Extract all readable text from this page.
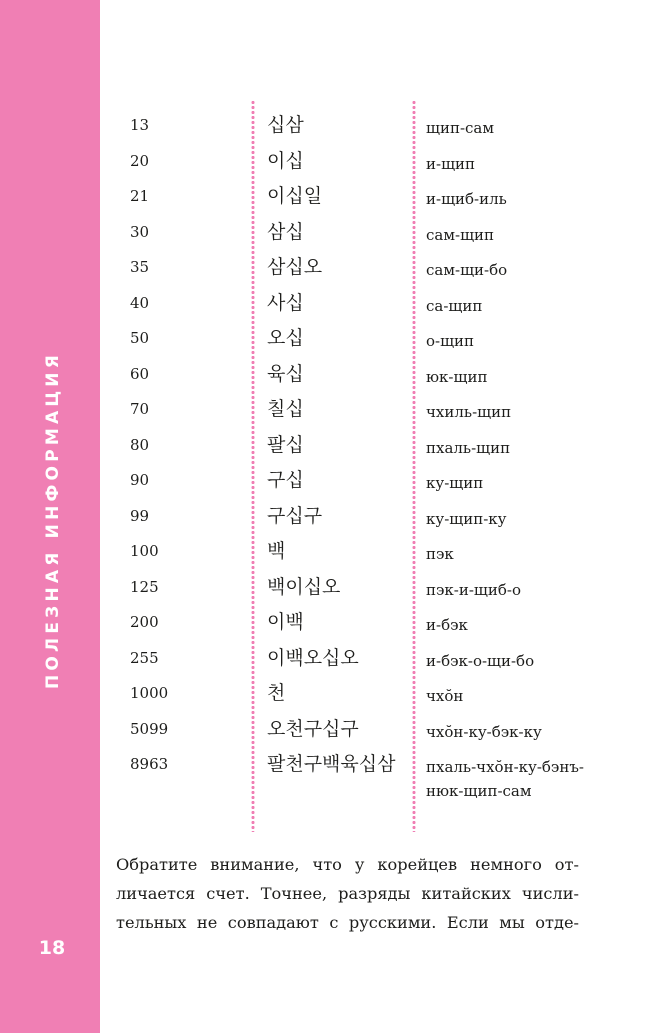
ПОЛЕЗНАЯ ИНФОРМАЦИЯ
18
13	십삼	щип-сам
20	이십	и-щип
21	이십일	и-щиб-иль
30	삼십	сам-щип
35	삼십오	сам-щи-бо
40	사십	са-щип
50	오십	о-щип
60	육십	юк-щип
70	칠십	чхиль-щип
80	팔십	пхаль-щип
90	구십	ку-щип
99	구십구	ку-щип-ку
100	백	пэк
125	백이십오	пэк-и-щиб-о
200	이백	и-бэк
255	이백오십오	и-бэк-о-щи-бо
1000	천	чхŏн
5099	오천구십구	чхŏн-ку-бэк-ку
8963	팔천구백육십삼 пхаль-чхŏн-ку-бэнъ-нюк-щип-сам

Обратите внимание, что у корейцев немного отличается счет. Точнее, разряды китайских числительных не совпадают с русскими. Если мы отде-
